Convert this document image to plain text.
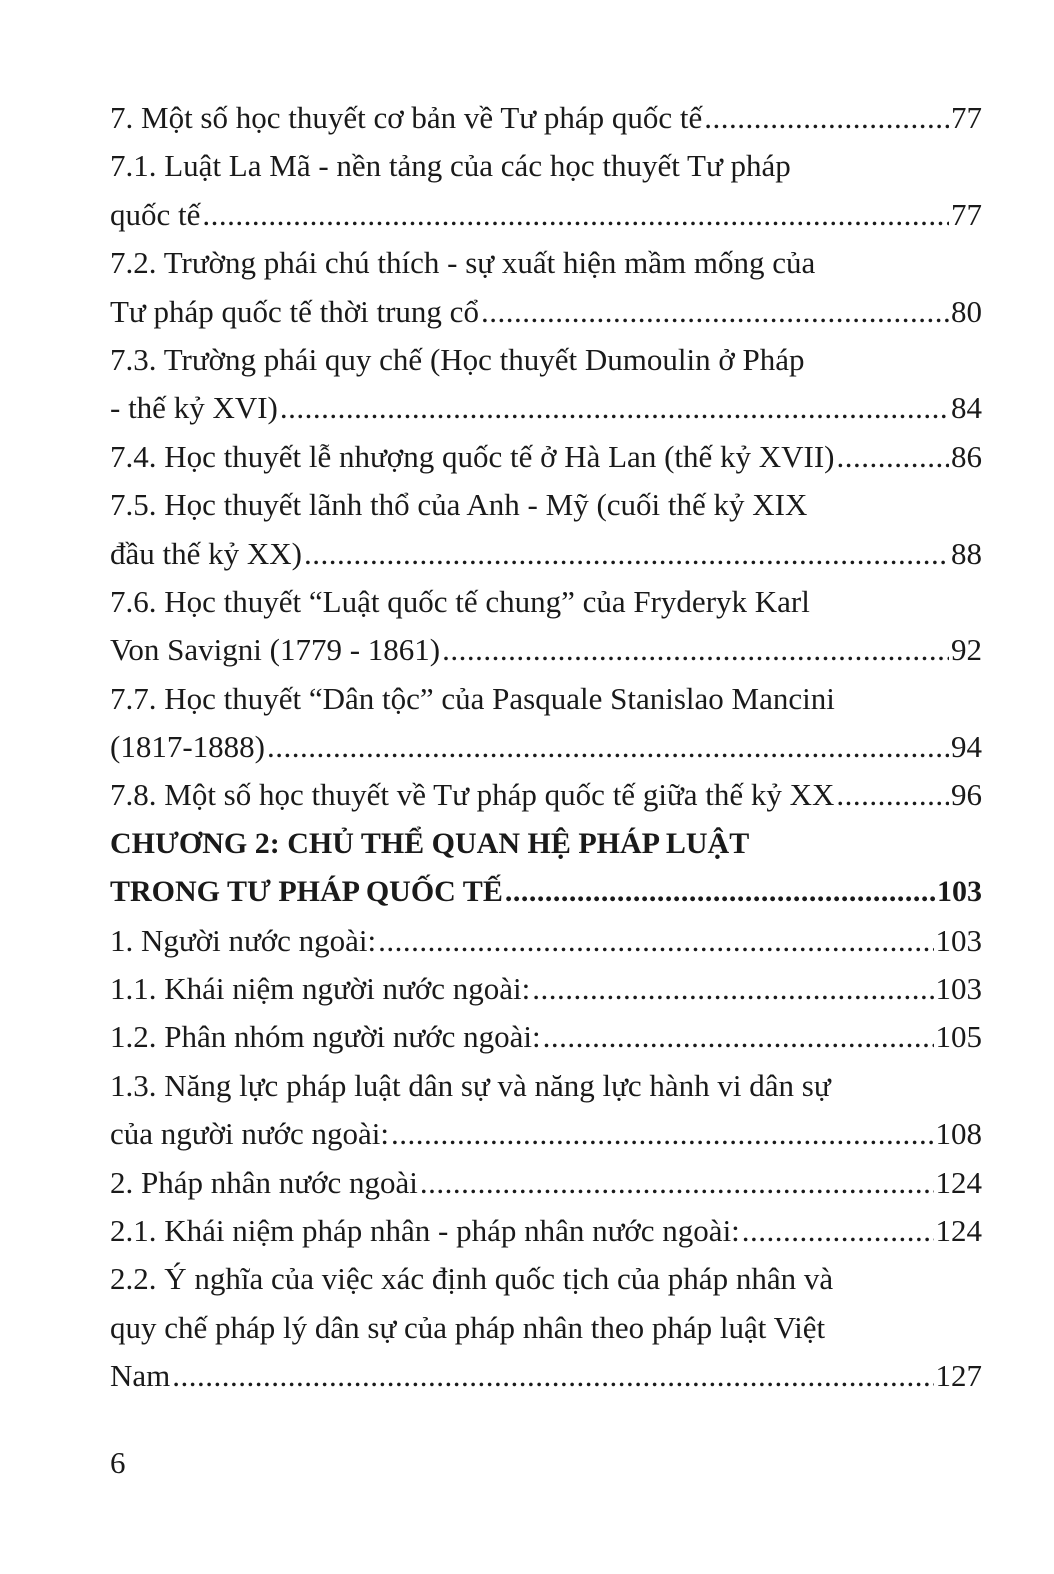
7. Một số học thuyết cơ bản về Tư pháp quốc tế .....	77
7.1. Luật La Mã - nền tảng của các học thuyết Tư pháp
quốc tế .....	77
7.2. Trường phái chú thích - sự xuất hiện mầm mống của
Tư pháp quốc tế thời trung cổ .....	80
7.3. Trường phái quy chế (Học thuyết Dumoulin ở Pháp
- thế kỷ XVI) .....	84
7.4. Học thuyết lễ nhượng quốc tế ở Hà Lan (thế kỷ XVII) .....	86
7.5. Học thuyết lãnh thổ của Anh - Mỹ (cuối thế kỷ XIX
đầu thế kỷ XX) .....	88
7.6. Học thuyết “Luật quốc tế chung” của Fryderyk Karl
Von Savigni (1779 - 1861) .....	92
7.7. Học thuyết “Dân tộc” của Pasquale Stanislao Mancini
(1817-1888) .....	94
7.8. Một số học thuyết về Tư pháp quốc tế giữa thế kỷ XX .....	96
CHƯƠNG 2: CHỦ THỂ QUAN HỆ PHÁP LUẬT
TRONG TƯ PHÁP QUỐC TẾ .....	103
1. Người nước ngoài: .....	103
1.1. Khái niệm người nước ngoài: .....	103
1.2. Phân nhóm người nước ngoài: .....	105
1.3. Năng lực pháp luật dân sự và năng lực hành vi dân sự
của người nước ngoài: .....	108
2. Pháp nhân nước ngoài .....	124
2.1. Khái niệm pháp nhân - pháp nhân nước ngoài: .....	124
2.2. Ý nghĩa của việc xác định quốc tịch của pháp nhân và
quy chế pháp lý dân sự của pháp nhân theo pháp luật Việt
Nam .....	127
6
